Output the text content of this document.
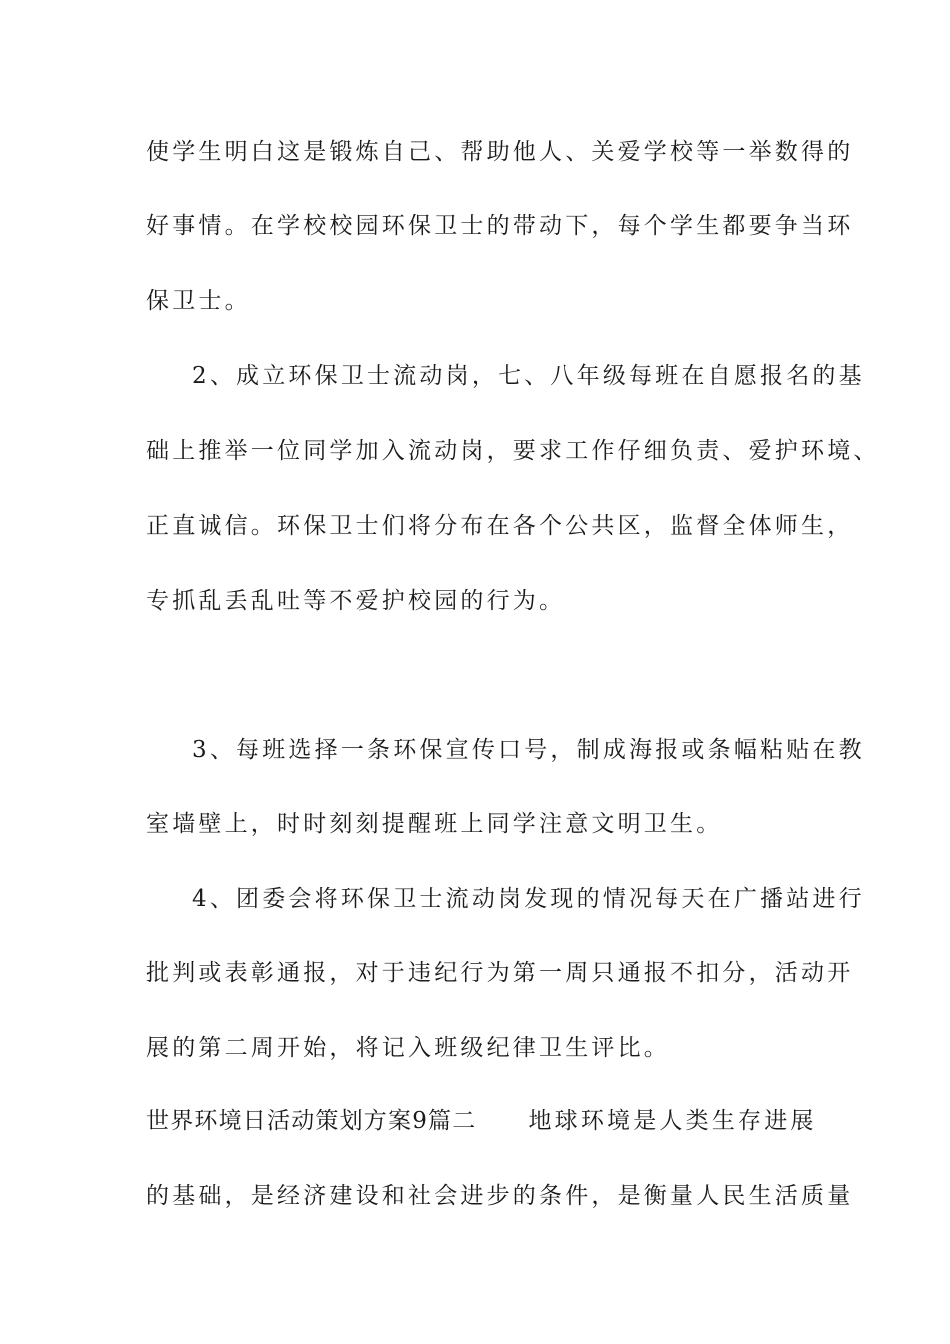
使学生明白这是锻炼自己、帮助他人、关爱学校等一举数得的
好事情。在学校校园环保卫士的带动下，每个学生都要争当环
保卫士。
2、成立环保卫士流动岗，七、八年级每班在自愿报名的基
础上推举一位同学加入流动岗，要求工作仔细负责、爱护环境、
正直诚信。环保卫士们将分布在各个公共区，监督全体师生，
专抓乱丢乱吐等不爱护校园的行为。
3、每班选择一条环保宣传口号，制成海报或条幅粘贴在教
室墙壁上，时时刻刻提醒班上同学注意文明卫生。
4、团委会将环保卫士流动岗发现的情况每天在广播站进行
批判或表彰通报，对于违纪行为第一周只通报不扣分，活动开
展的第二周开始，将记入班级纪律卫生评比。
世界环境日活动策划方案9篇二 地球环境是人类生存进展
的基础，是经济建设和社会进步的条件，是衡量人民生活质量
